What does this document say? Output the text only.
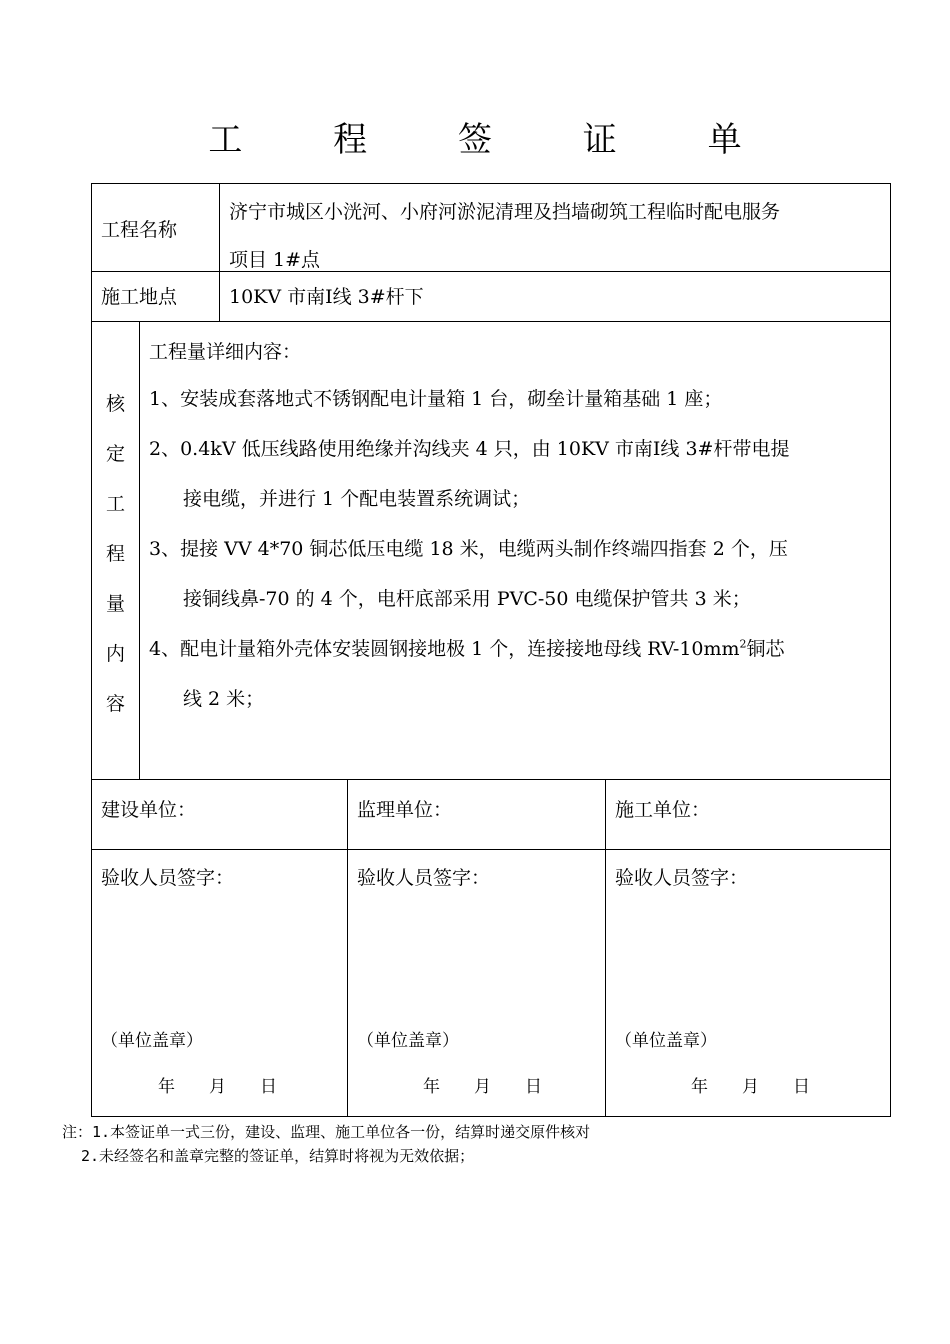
工 程 签 证 单
工程名称
济宁市城区小洸河、小府河淤泥清理及挡墙砌筑工程临时配电服务
项目 1#点
施工地点	10KV 市南Ⅰ线 3#杆下
核
定
工
程
量
内
容
工程量详细内容：
1、安装成套落地式不锈钢配电计量箱 1 台，砌垒计量箱基础 1 座；
2、0.4kV 低压线路使用绝缘并沟线夹 4 只，由 10KV 市南Ⅰ线 3#杆带电提
接电缆，并进行 1 个配电装置系统调试；
3、提接 VV 4*70 铜芯低压电缆 18 米，电缆两头制作终端四指套 2 个，压
接铜线鼻-70 的 4 个，电杆底部采用 PVC-50 电缆保护管共 3 米；
4、配电计量箱外壳体安装圆钢接地极 1 个，连接接地母线 $RV-10mm^2$铜芯
线 2 米；
建设单位：	监理单位：	施工单位：
验收人员签字：	验收人员签字：	验收人员签字：
（单位盖章）	（单位盖章）	（单位盖章）
年　　月　　日	年　　月　　日	年　　月　　日
注：1.本签证单一式三份，建设、监理、施工单位各一份，结算时递交原件核对
2.未经签名和盖章完整的签证单，结算时将视为无效依据；
